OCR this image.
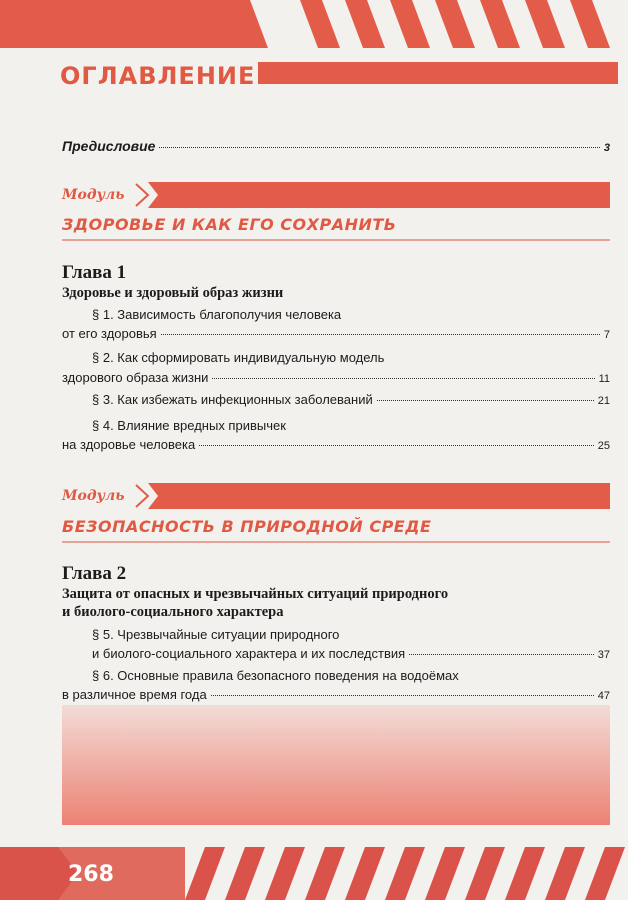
ОГЛАВЛЕНИЕ
Предисловие	3
Модуль
ЗДОРОВЬЕ И КАК ЕГО СОХРАНИТЬ
Глава 1
Здоровье и здоровый образ жизни
§ 1. Зависимость благополучия человека
от его здоровья	7
§ 2. Как сформировать индивидуальную модель
здорового образа жизни	11
§ 3. Как избежать инфекционных заболеваний	21
§ 4. Влияние вредных привычек
на здоровье человека	25
Модуль
БЕЗОПАСНОСТЬ В ПРИРОДНОЙ СРЕДЕ
Глава 2
Защита от опасных и чрезвычайных ситуаций природного
и биолого-социального характера
§ 5. Чрезвычайные ситуации природного
и биолого-социального характера и их последствия	37
§ 6. Основные правила безопасного поведения на водоёмах
в различное время года	47
268
